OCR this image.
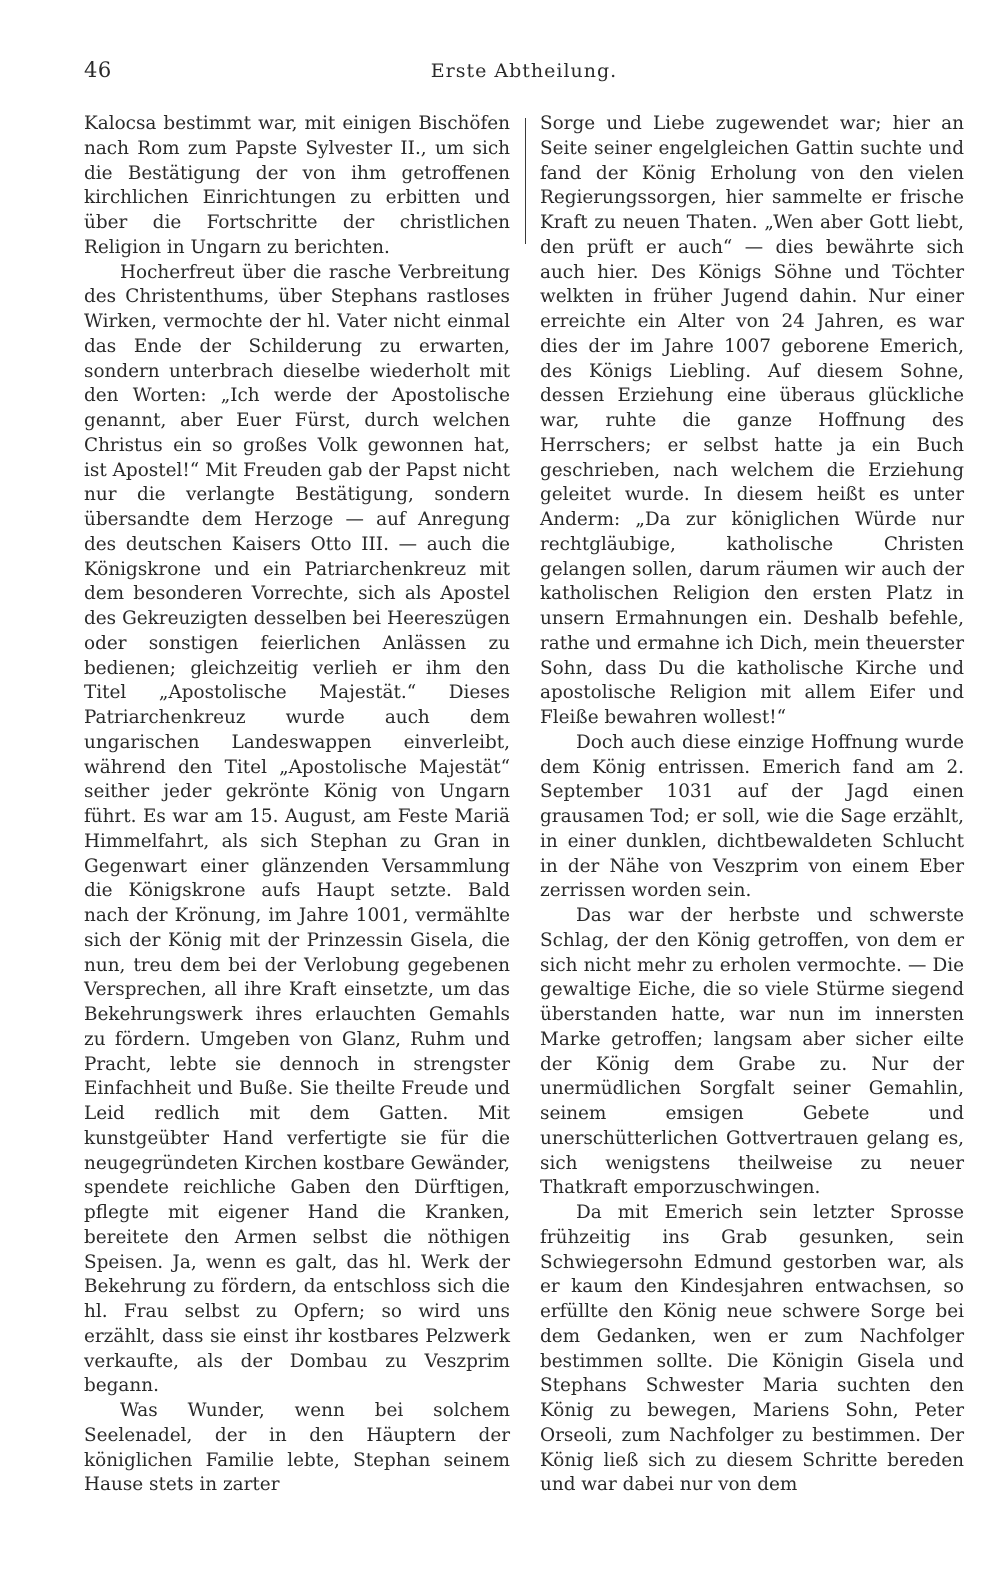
46	Erste Abtheilung.

Kalocsa bestimmt war, mit einigen Bischöfen nach Rom zum Papste Sylvester II., um sich die Bestätigung der von ihm getroffenen kirchlichen Einrichtungen zu erbitten und über die Fortschritte der christlichen Religion in Ungarn zu berichten.

Hocherfreut über die rasche Verbreitung des Christenthums, über Stephans rastloses Wirken, vermochte der hl. Vater nicht einmal das Ende der Schilderung zu erwarten, sondern unterbrach dieselbe wiederholt mit den Worten: „Ich werde der Apostolische genannt, aber Euer Fürst, durch welchen Christus ein so großes Volk gewonnen hat, ist Apostel!“ Mit Freuden gab der Papst nicht nur die verlangte Bestätigung, sondern übersandte dem Herzoge — auf Anregung des deutschen Kaisers Otto III. — auch die Königskrone und ein Patriarchenkreuz mit dem besonderen Vorrechte, sich als Apostel des Gekreuzigten desselben bei Heereszügen oder sonstigen feierlichen Anlässen zu bedienen; gleichzeitig verlieh er ihm den Titel „Apostolische Majestät.“ Dieses Patriarchenkreuz wurde auch dem ungarischen Landeswappen einverleibt, während den Titel „Apostolische Majestät“ seither jeder gekrönte König von Ungarn führt. Es war am 15. August, am Feste Mariä Himmelfahrt, als sich Stephan zu Gran in Gegenwart einer glänzenden Versammlung die Königskrone aufs Haupt setzte. Bald nach der Krönung, im Jahre 1001, vermählte sich der König mit der Prinzessin Gisela, die nun, treu dem bei der Verlobung gegebenen Versprechen, all ihre Kraft einsetzte, um das Bekehrungswerk ihres erlauchten Gemahls zu fördern. Umgeben von Glanz, Ruhm und Pracht, lebte sie dennoch in strengster Einfachheit und Buße. Sie theilte Freude und Leid redlich mit dem Gatten. Mit kunstgeübter Hand verfertigte sie für die neugegründeten Kirchen kostbare Gewänder, spendete reichliche Gaben den Dürftigen, pflegte mit eigener Hand die Kranken, bereitete den Armen selbst die nöthigen Speisen. Ja, wenn es galt, das hl. Werk der Bekehrung zu fördern, da entschloss sich die hl. Frau selbst zu Opfern; so wird uns erzählt, dass sie einst ihr kostbares Pelzwerk verkaufte, als der Dombau zu Veszprim begann.

Was Wunder, wenn bei solchem Seelenadel, der in den Häuptern der königlichen Familie lebte, Stephan seinem Hause stets in zarter

Sorge und Liebe zugewendet war; hier an Seite seiner engelgleichen Gattin suchte und fand der König Erholung von den vielen Regierungssorgen, hier sammelte er frische Kraft zu neuen Thaten. „Wen aber Gott liebt, den prüft er auch“ — dies bewährte sich auch hier. Des Königs Söhne und Töchter welkten in früher Jugend dahin. Nur einer erreichte ein Alter von 24 Jahren, es war dies der im Jahre 1007 geborene Emerich, des Königs Liebling. Auf diesem Sohne, dessen Erziehung eine überaus glückliche war, ruhte die ganze Hoffnung des Herrschers; er selbst hatte ja ein Buch geschrieben, nach welchem die Erziehung geleitet wurde. In diesem heißt es unter Anderm: „Da zur königlichen Würde nur rechtgläubige, katholische Christen gelangen sollen, darum räumen wir auch der katholischen Religion den ersten Platz in unsern Ermahnungen ein. Deshalb befehle, rathe und ermahne ich Dich, mein theuerster Sohn, dass Du die katholische Kirche und apostolische Religion mit allem Eifer und Fleiße bewahren wollest!“

Doch auch diese einzige Hoffnung wurde dem König entrissen. Emerich fand am 2. September 1031 auf der Jagd einen grausamen Tod; er soll, wie die Sage erzählt, in einer dunklen, dichtbewaldeten Schlucht in der Nähe von Veszprim von einem Eber zerrissen worden sein.

Das war der herbste und schwerste Schlag, der den König getroffen, von dem er sich nicht mehr zu erholen vermochte. — Die gewaltige Eiche, die so viele Stürme siegend überstanden hatte, war nun im innersten Marke getroffen; langsam aber sicher eilte der König dem Grabe zu. Nur der unermüdlichen Sorgfalt seiner Gemahlin, seinem emsigen Gebete und unerschütterlichen Gottvertrauen gelang es, sich wenigstens theilweise zu neuer Thatkraft emporzuschwingen.

Da mit Emerich sein letzter Sprosse frühzeitig ins Grab gesunken, sein Schwiegersohn Edmund gestorben war, als er kaum den Kindesjahren entwachsen, so erfüllte den König neue schwere Sorge bei dem Gedanken, wen er zum Nachfolger bestimmen sollte. Die Königin Gisela und Stephans Schwester Maria suchten den König zu bewegen, Mariens Sohn, Peter Orseoli, zum Nachfolger zu bestimmen. Der König ließ sich zu diesem Schritte bereden und war dabei nur von dem
